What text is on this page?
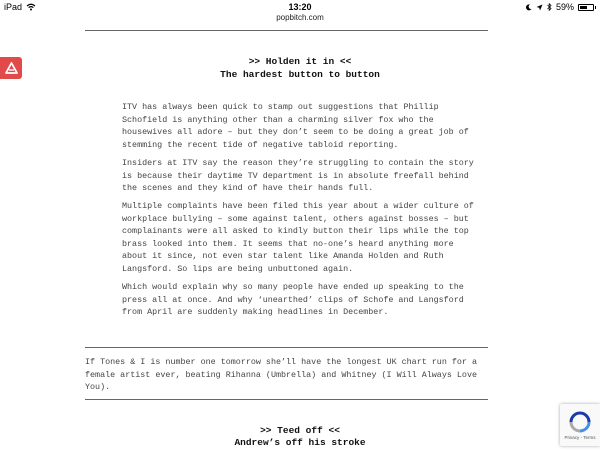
iPad	13:20	59%
popbitch.com
>> Holden it in <<
The hardest button to button

ITV has always been quick to stamp out suggestions that Phillip Schofield is anything other than a charming silver fox who the housewives all adore – but they don’t seem to be doing a great job of stemming the recent tide of negative tabloid reporting.

Insiders at ITV say the reason they’re struggling to contain the story is because their daytime TV department is in absolute freefall behind the scenes and they kind of have their hands full.

Multiple complaints have been filed this year about a wider culture of workplace bullying – some against talent, others against bosses – but complainants were all asked to kindly button their lips while the top brass looked into them. It seems that no-one’s heard anything more about it since, not even star talent like Amanda Holden and Ruth Langsford. So lips are being unbuttoned again.

Which would explain why so many people have ended up speaking to the press all at once. And why ‘unearthed’ clips of Schofe and Langsford from April are suddenly making headlines in December.

If Tones & I is number one tomorrow she’ll have the longest UK chart run for a female artist ever, beating Rihanna (Umbrella) and Whitney (I Will Always Love You).

>> Teed off <<
Andrew’s off his stroke	Privacy - Terms
